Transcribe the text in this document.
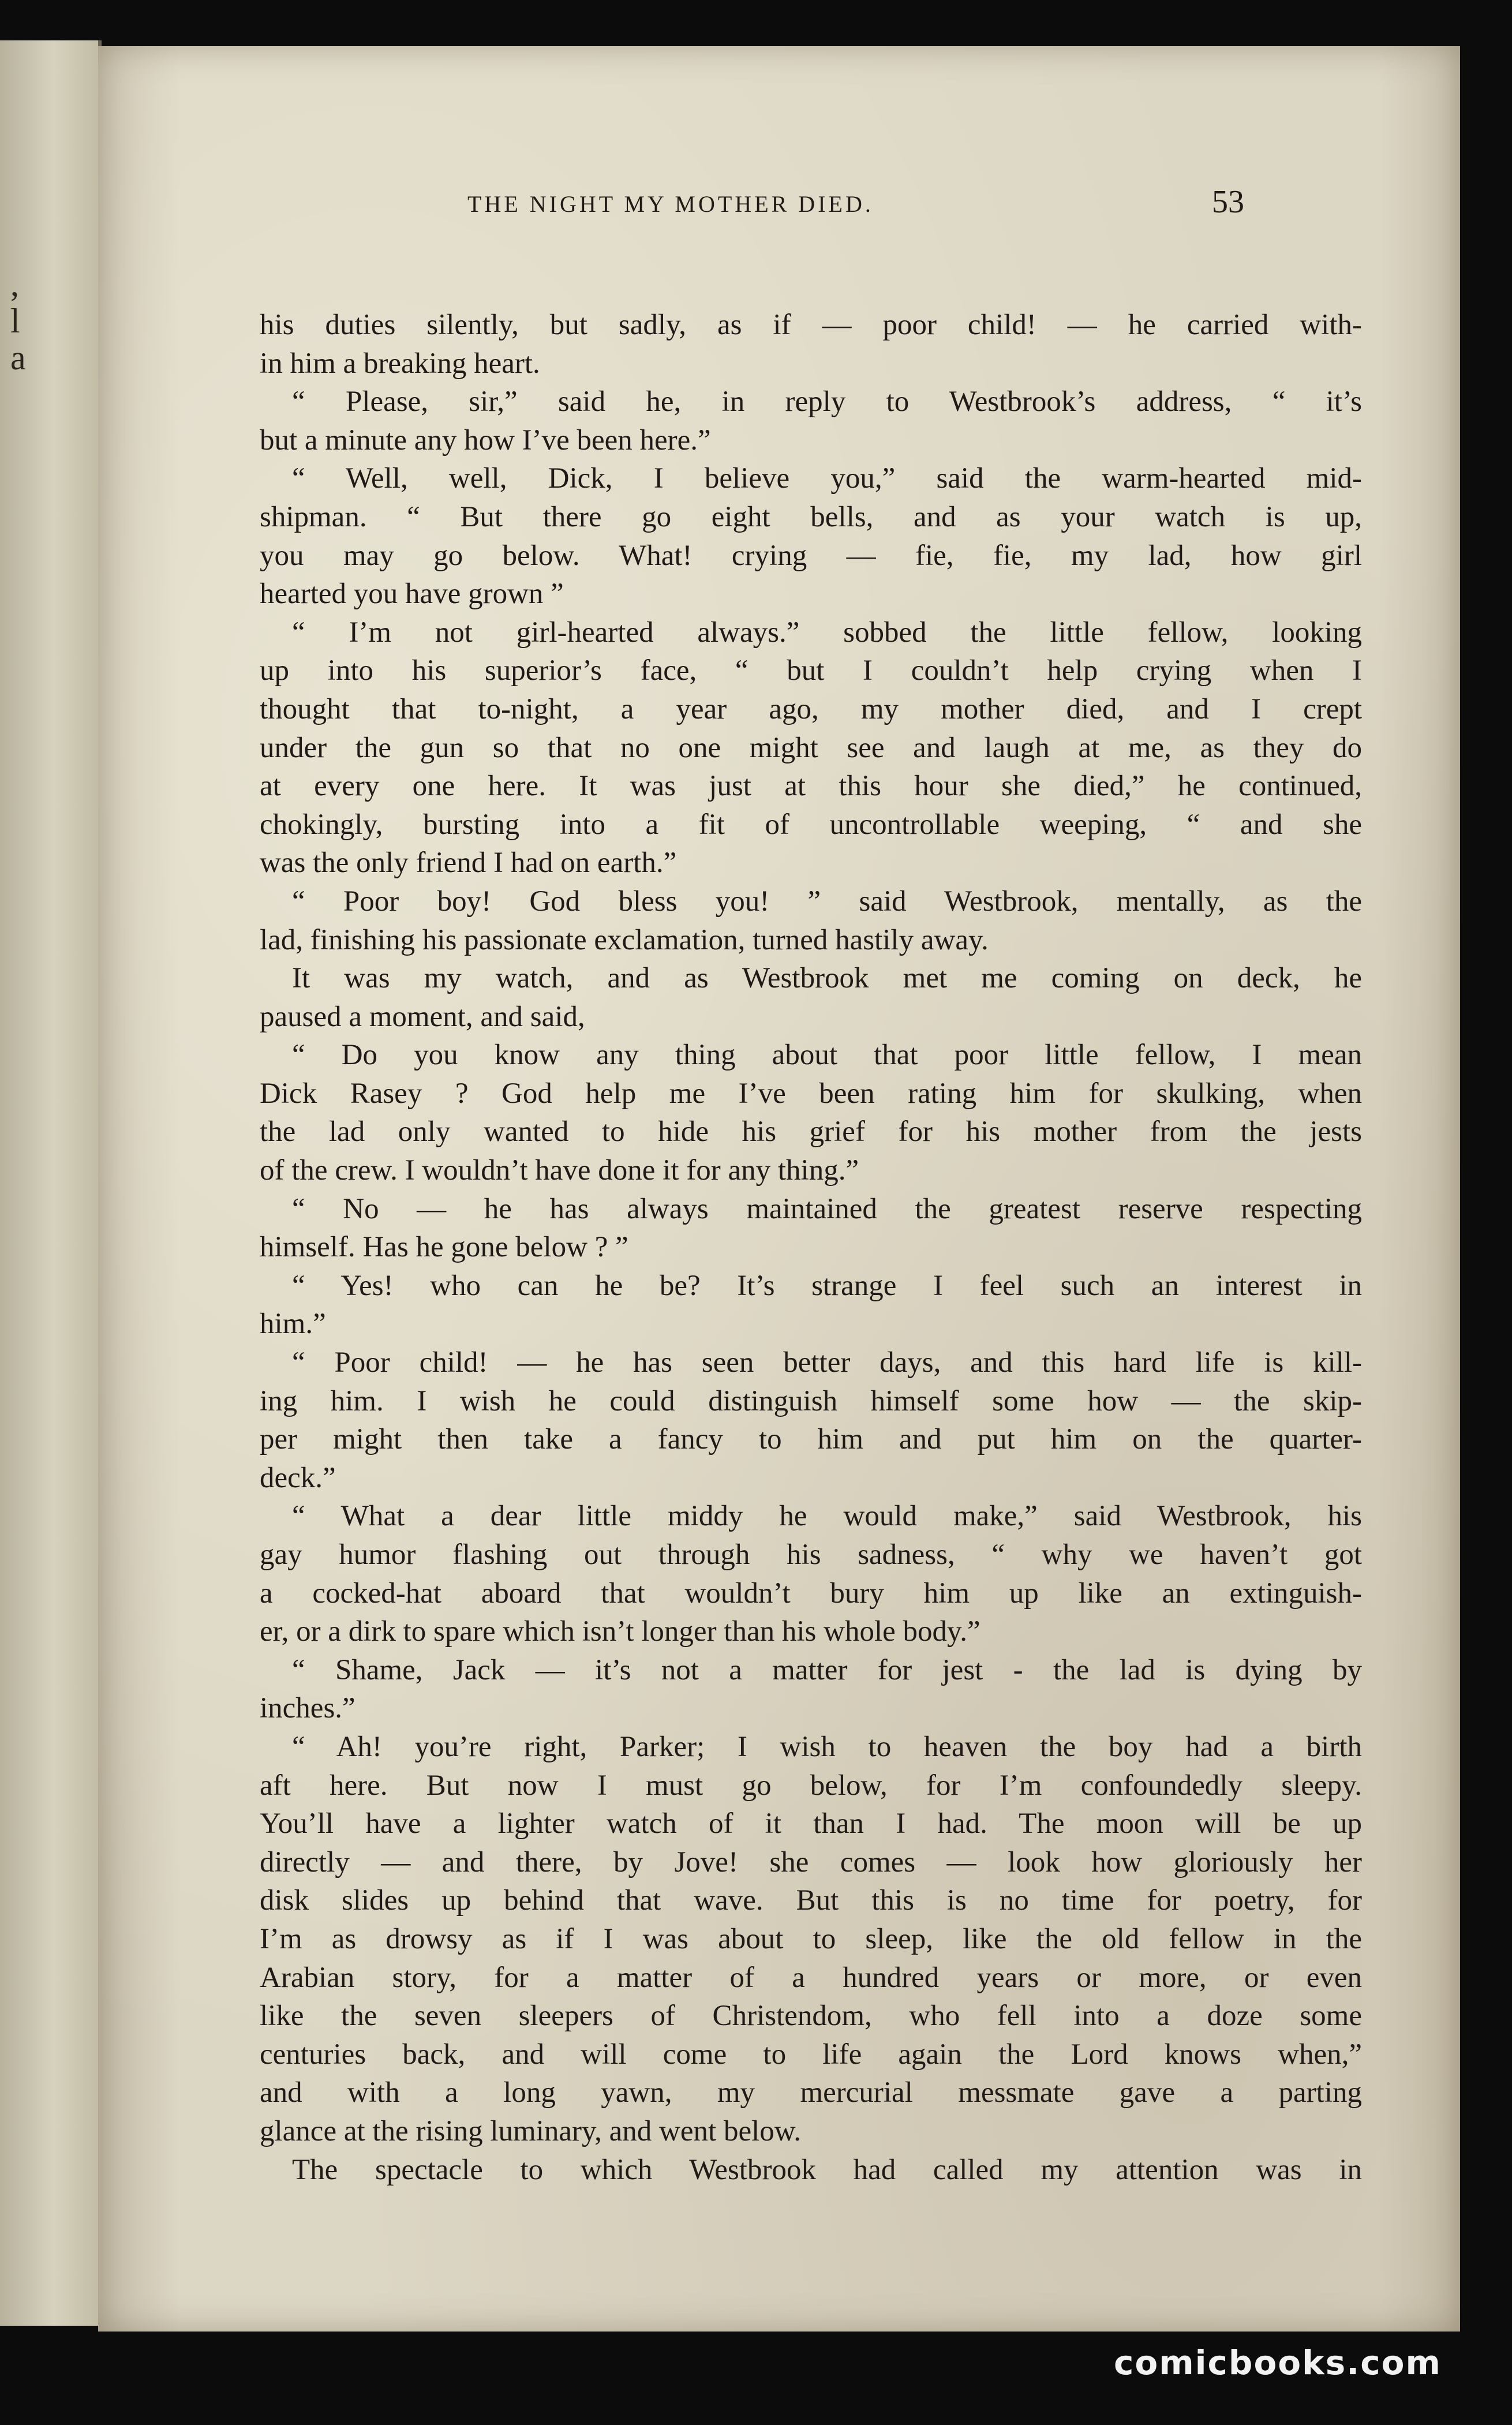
,
l
a
THE NIGHT MY MOTHER DIED.	53
his duties silently, but sadly, as if — poor child! — he carried with-
in him a breaking heart.
“ Please, sir,” said he, in reply to Westbrook’s address, “ it’s
but a minute any how I’ve been here.”
“ Well, well, Dick, I believe you,” said the warm-hearted mid-
shipman. “ But there go eight bells, and as your watch is up,
you may go below. What! crying — fie, fie, my lad, how girl
hearted you have grown ”
“ I’m not girl-hearted always.” sobbed the little fellow, looking
up into his superior’s face, “ but I couldn’t help crying when I
thought that to-night, a year ago, my mother died, and I crept
under the gun so that no one might see and laugh at me, as they do
at every one here. It was just at this hour she died,” he continued,
chokingly, bursting into a fit of uncontrollable weeping, “ and she
was the only friend I had on earth.”
“ Poor boy! God bless you! ” said Westbrook, mentally, as the
lad, finishing his passionate exclamation, turned hastily away.
It was my watch, and as Westbrook met me coming on deck, he
paused a moment, and said,
“ Do you know any thing about that poor little fellow, I mean
Dick Rasey ? God help me I’ve been rating him for skulking, when
the lad only wanted to hide his grief for his mother from the jests
of the crew. I wouldn’t have done it for any thing.”
“ No — he has always maintained the greatest reserve respecting
himself. Has he gone below ? ”
“ Yes! who can he be? It’s strange I feel such an interest in
him.”
“ Poor child! — he has seen better days, and this hard life is kill-
ing him. I wish he could distinguish himself some how — the skip-
per might then take a fancy to him and put him on the quarter-
deck.”
“ What a dear little middy he would make,” said Westbrook, his
gay humor flashing out through his sadness, “ why we haven’t got
a cocked-hat aboard that wouldn’t bury him up like an extinguish-
er, or a dirk to spare which isn’t longer than his whole body.”
“ Shame, Jack — it’s not a matter for jest - the lad is dying by
inches.”
“ Ah! you’re right, Parker; I wish to heaven the boy had a birth
aft here. But now I must go below, for I’m confoundedly sleepy.
You’ll have a lighter watch of it than I had. The moon will be up
directly — and there, by Jove! she comes — look how gloriously her
disk slides up behind that wave. But this is no time for poetry, for
I’m as drowsy as if I was about to sleep, like the old fellow in the
Arabian story, for a matter of a hundred years or more, or even
like the seven sleepers of Christendom, who fell into a doze some
centuries back, and will come to life again the Lord knows when,”
and with a long yawn, my mercurial messmate gave a parting
glance at the rising luminary, and went below.
The spectacle to which Westbrook had called my attention was in
comicbooks.com
